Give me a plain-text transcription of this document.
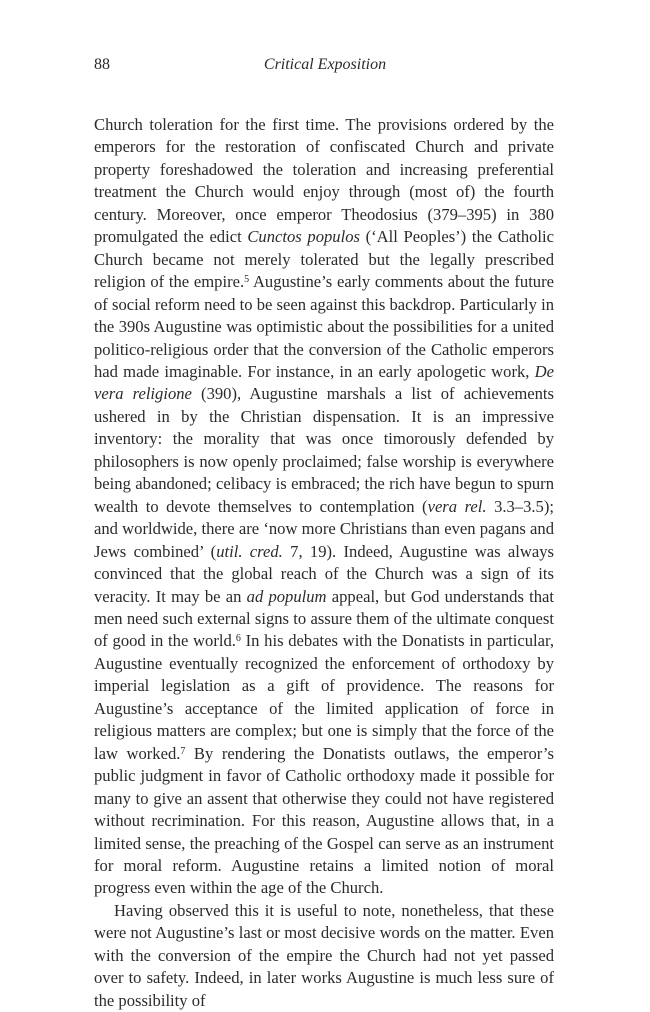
88	Critical Exposition

Church toleration for the first time. The provisions ordered by the emperors for the restoration of confiscated Church and private property foreshadowed the toleration and increasing preferential treatment the Church would enjoy through (most of) the fourth century. Moreover, once emperor Theodosius (379–395) in 380 promulgated the edict Cunctos populos (‘All Peoples’) the Catholic Church became not merely tolerated but the legally prescribed religion of the empire.$^5$ Augustine’s early comments about the future of social reform need to be seen against this backdrop. Particularly in the 390s Augustine was optimistic about the possibilities for a united politico-religious order that the conversion of the Catholic emperors had made imaginable. For instance, in an early apologetic work, De vera religione (390), Augustine marshals a list of achievements ushered in by the Christian dispensation. It is an impressive inventory: the morality that was once timorously defended by philosophers is now openly proclaimed; false worship is everywhere being abandoned; celibacy is embraced; the rich have begun to spurn wealth to devote themselves to contemplation (vera rel. 3.3–3.5); and worldwide, there are ‘now more Christians than even pagans and Jews combined’ (util. cred. 7, 19). Indeed, Augustine was always convinced that the global reach of the Church was a sign of its veracity. It may be an ad populum appeal, but God understands that men need such external signs to assure them of the ultimate conquest of good in the world.$^6$ In his debates with the Donatists in particular, Augustine eventually recognized the enforcement of orthodoxy by imperial legislation as a gift of providence. The reasons for Augustine’s acceptance of the limited application of force in religious matters are complex; but one is simply that the force of the law worked.$^7$ By rendering the Donatists outlaws, the emperor’s public judgment in favor of Catholic orthodoxy made it possible for many to give an assent that otherwise they could not have registered without recrimination. For this reason, Augustine allows that, in a limited sense, the preaching of the Gospel can serve as an instrument for moral reform. Augustine retains a limited notion of moral progress even within the age of the Church.

Having observed this it is useful to note, nonetheless, that these were not Augustine’s last or most decisive words on the matter. Even with the conversion of the empire the Church had not yet passed over to safety. Indeed, in later works Augustine is much less sure of the possibility of
